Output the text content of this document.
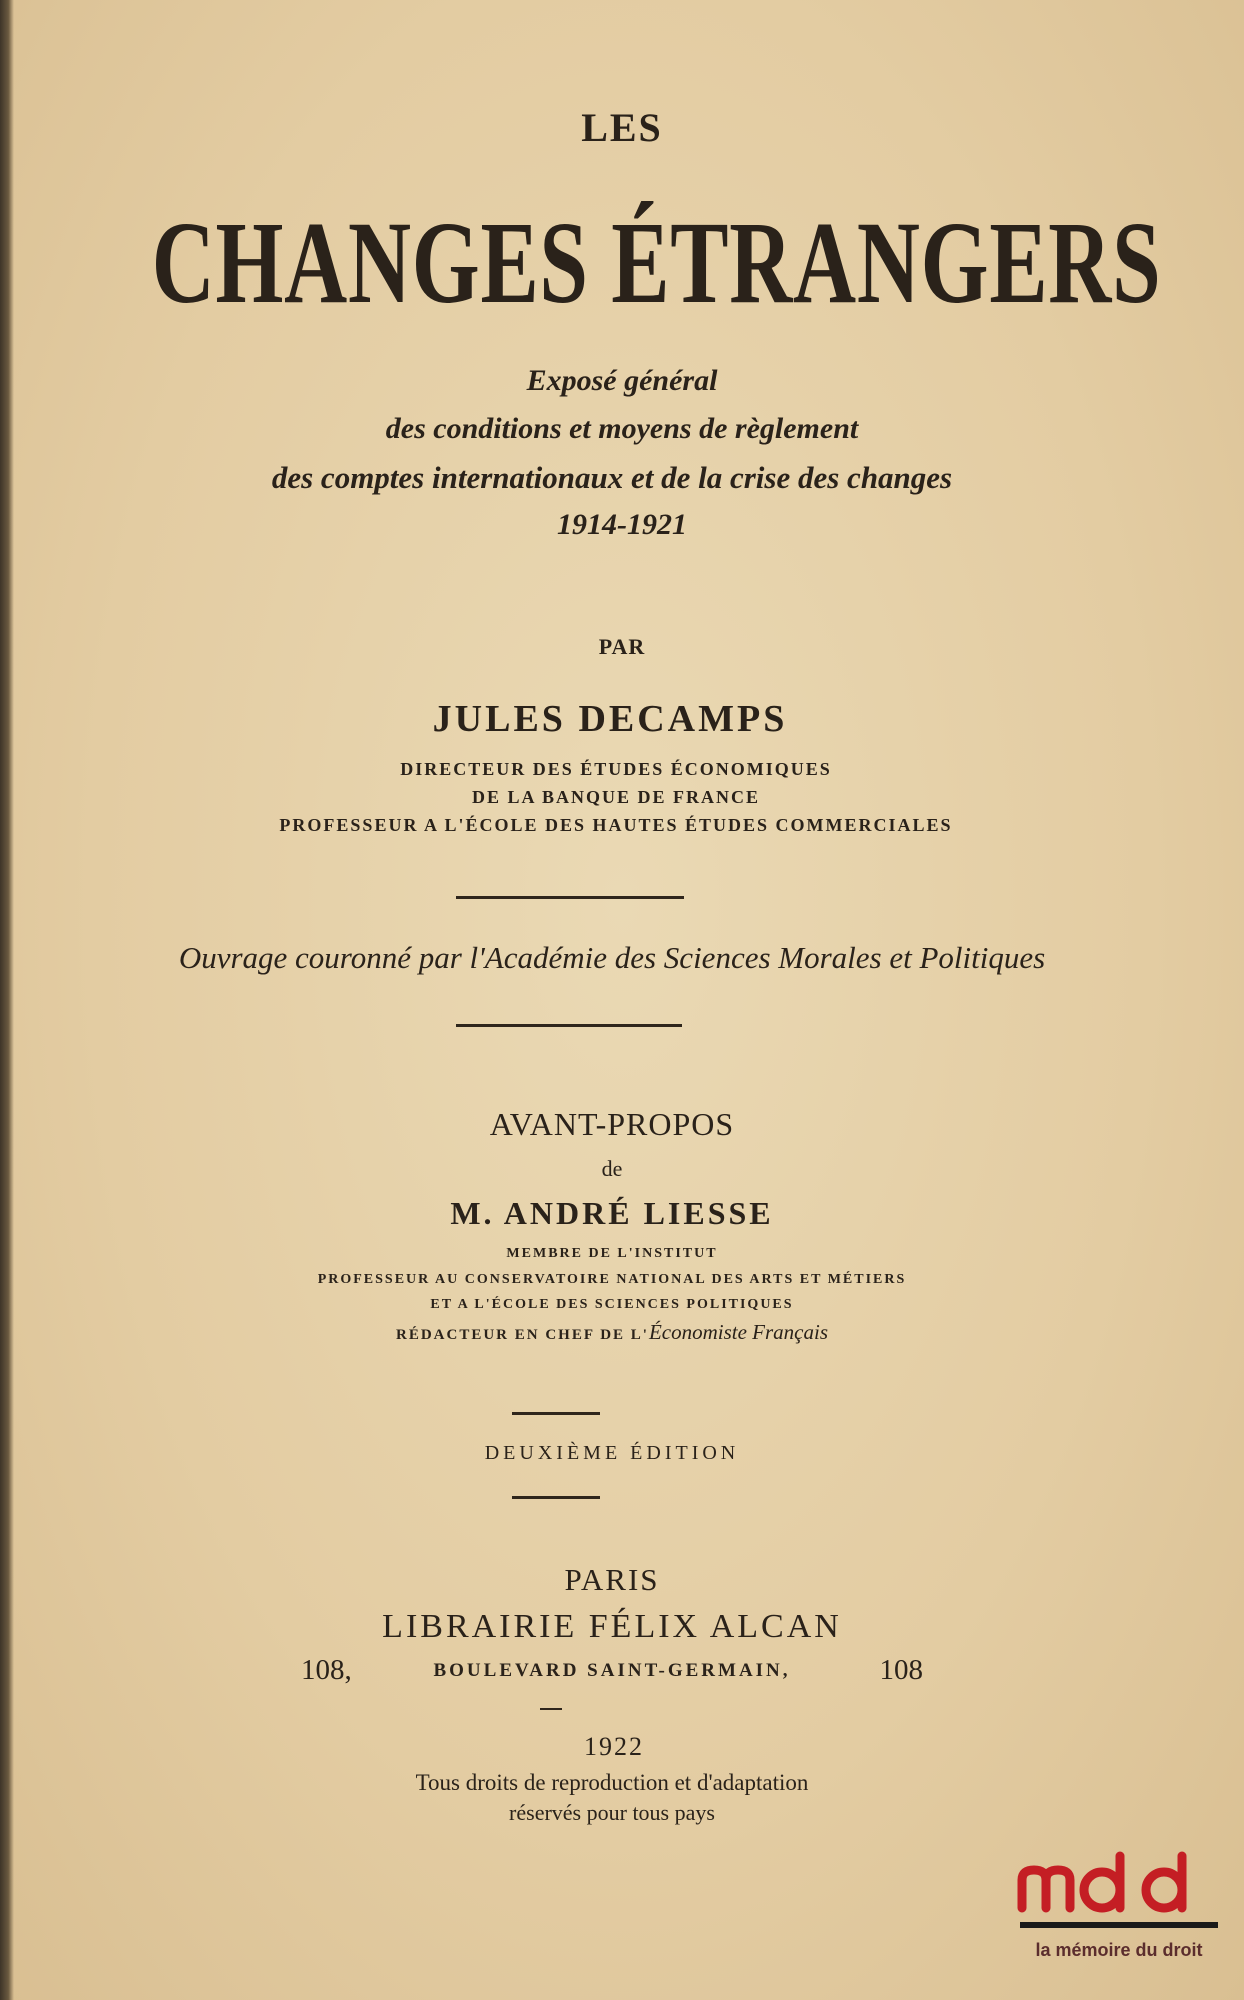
LES
CHANGES ÉTRANGERS
Exposé général
des conditions et moyens de règlement
des comptes internationaux et de la crise des changes
1914-1921
PAR
JULES DECAMPS
DIRECTEUR DES ÉTUDES ÉCONOMIQUES
DE LA BANQUE DE FRANCE
PROFESSEUR A L'ÉCOLE DES HAUTES ÉTUDES COMMERCIALES
Ouvrage couronné par l'Académie des Sciences Morales et Politiques
AVANT-PROPOS
de
M. ANDRÉ LIESSE
MEMBRE DE L'INSTITUT
PROFESSEUR AU CONSERVATOIRE NATIONAL DES ARTS ET MÉTIERS
ET A L'ÉCOLE DES SCIENCES POLITIQUES
RÉDACTEUR EN CHEF DE L'Économiste Français
DEUXIÈME ÉDITION
PARIS
LIBRAIRIE FÉLIX ALCAN
108,	BOULEVARD SAINT-GERMAIN,	108
1922
Tous droits de reproduction et d'adaptation
réservés pour tous pays
la mémoire du droit
